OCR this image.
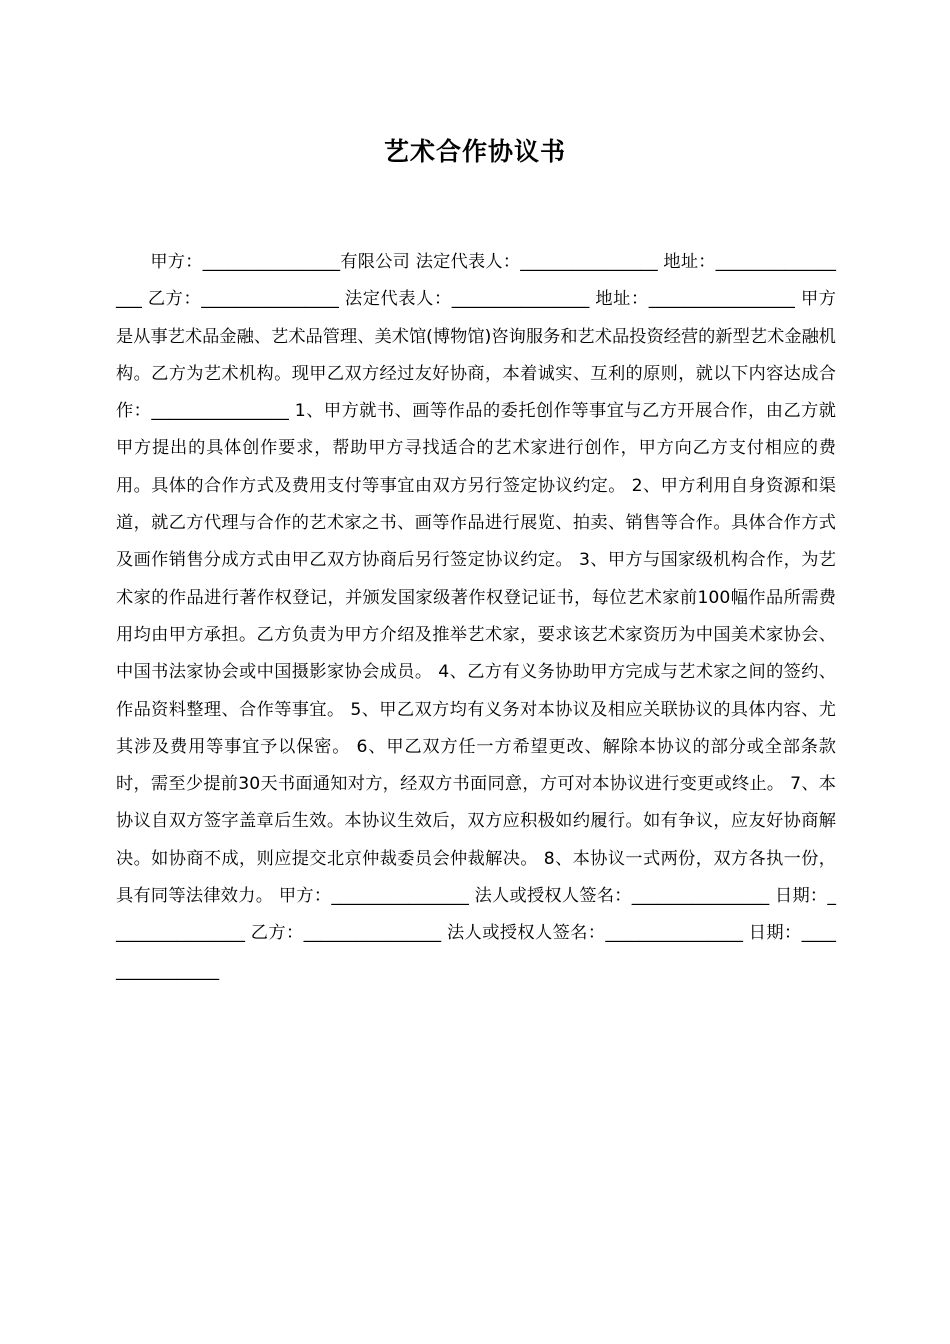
艺术合作协议书

甲方：________________有限公司 法定代表人：________________ 地址：_________________ 乙方：________________ 法定代表人：________________ 地址：_________________ 甲方是从事艺术品金融、艺术品管理、美术馆(博物馆)咨询服务和艺术品投资经营的新型艺术金融机构。乙方为艺术机构。现甲乙双方经过友好协商，本着诚实、互利的原则，就以下内容达成合作：________________ 1、甲方就书、画等作品的委托创作等事宜与乙方开展合作，由乙方就甲方提出的具体创作要求，帮助甲方寻找适合的艺术家进行创作，甲方向乙方支付相应的费用。具体的合作方式及费用支付等事宜由双方另行签定协议约定。 2、甲方利用自身资源和渠道，就乙方代理与合作的艺术家之书、画等作品进行展览、拍卖、销售等合作。具体合作方式及画作销售分成方式由甲乙双方协商后另行签定协议约定。 3、甲方与国家级机构合作，为艺术家的作品进行著作权登记，并颁发国家级著作权登记证书，每位艺术家前100幅作品所需费用均由甲方承担。乙方负责为甲方介绍及推举艺术家，要求该艺术家资历为中国美术家协会、中国书法家协会或中国摄影家协会成员。 4、乙方有义务协助甲方完成与艺术家之间的签约、作品资料整理、合作等事宜。 5、甲乙双方均有义务对本协议及相应关联协议的具体内容、尤其涉及费用等事宜予以保密。 6、甲乙双方任一方希望更改、解除本协议的部分或全部条款时，需至少提前30天书面通知对方，经双方书面同意，方可对本协议进行变更或终止。 7、本协议自双方签字盖章后生效。本协议生效后，双方应积极如约履行。如有争议，应友好协商解决。如协商不成，则应提交北京仲裁委员会仲裁解决。 8、本协议一式两份，双方各执一份，具有同等法律效力。 甲方：________________ 法人或授权人签名：________________ 日期：________________ 乙方：________________ 法人或授权人签名：________________ 日期：________________
